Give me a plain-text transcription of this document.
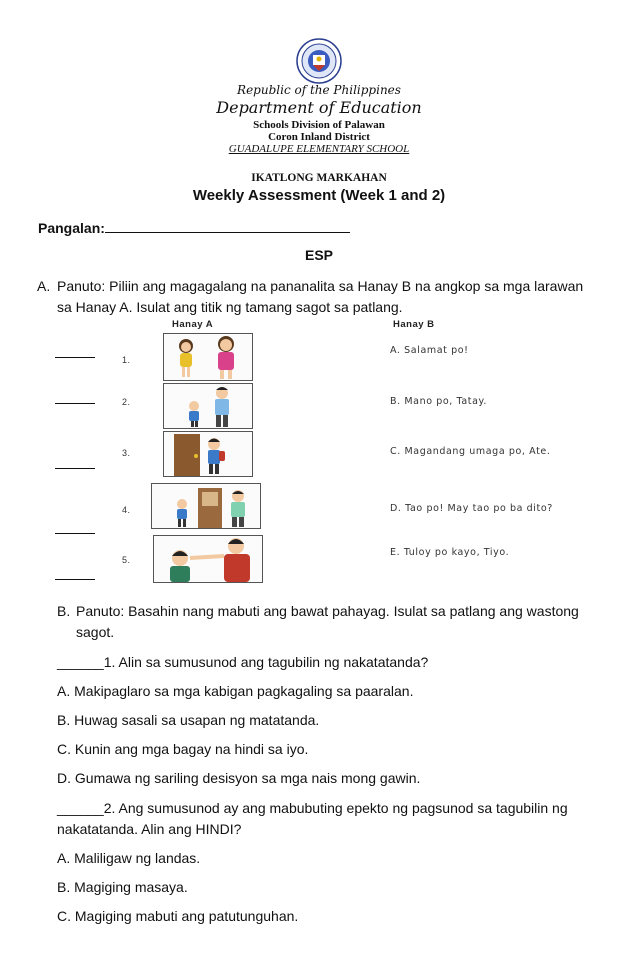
Republic of the Philippines
Department of Education
Schools Division of Palawan
Coron Inland District
GUADALUPE ELEMENTARY SCHOOL
IKATLONG MARKAHAN
Weekly Assessment (Week 1 and 2)
Pangalan:
ESP
A. Panuto: Piliin ang magagalang na pananalita sa Hanay B na angkop sa mga larawan
sa Hanay A. Isulat ang titik ng tamang sagot sa patlang.
Hanay A	Hanay B
1.
2.
3.
4.
5.
A. Salamat po!
B. Mano po, Tatay.
C. Magandang umaga po, Ate.
D. Tao po! May tao po ba dito?
E. Tuloy po kayo, Tiyo.
B. Panuto: Basahin nang mabuti ang bawat pahayag. Isulat sa patlang ang wastong
sagot.
______1. Alin sa sumusunod ang tagubilin ng nakatatanda?
A. Makipaglaro sa mga kabigan pagkagaling sa paaralan.
B. Huwag sasali sa usapan ng matatanda.
C. Kunin ang mga bagay na hindi sa iyo.
D. Gumawa ng sariling desisyon sa mga nais mong gawin.
______2. Ang sumusunod ay ang mabubuting epekto ng pagsunod sa tagubilin ng
nakatatanda. Alin ang HINDI?
A. Maliligaw ng landas.
B. Magiging masaya.
C. Magiging mabuti ang patutunguhan.
